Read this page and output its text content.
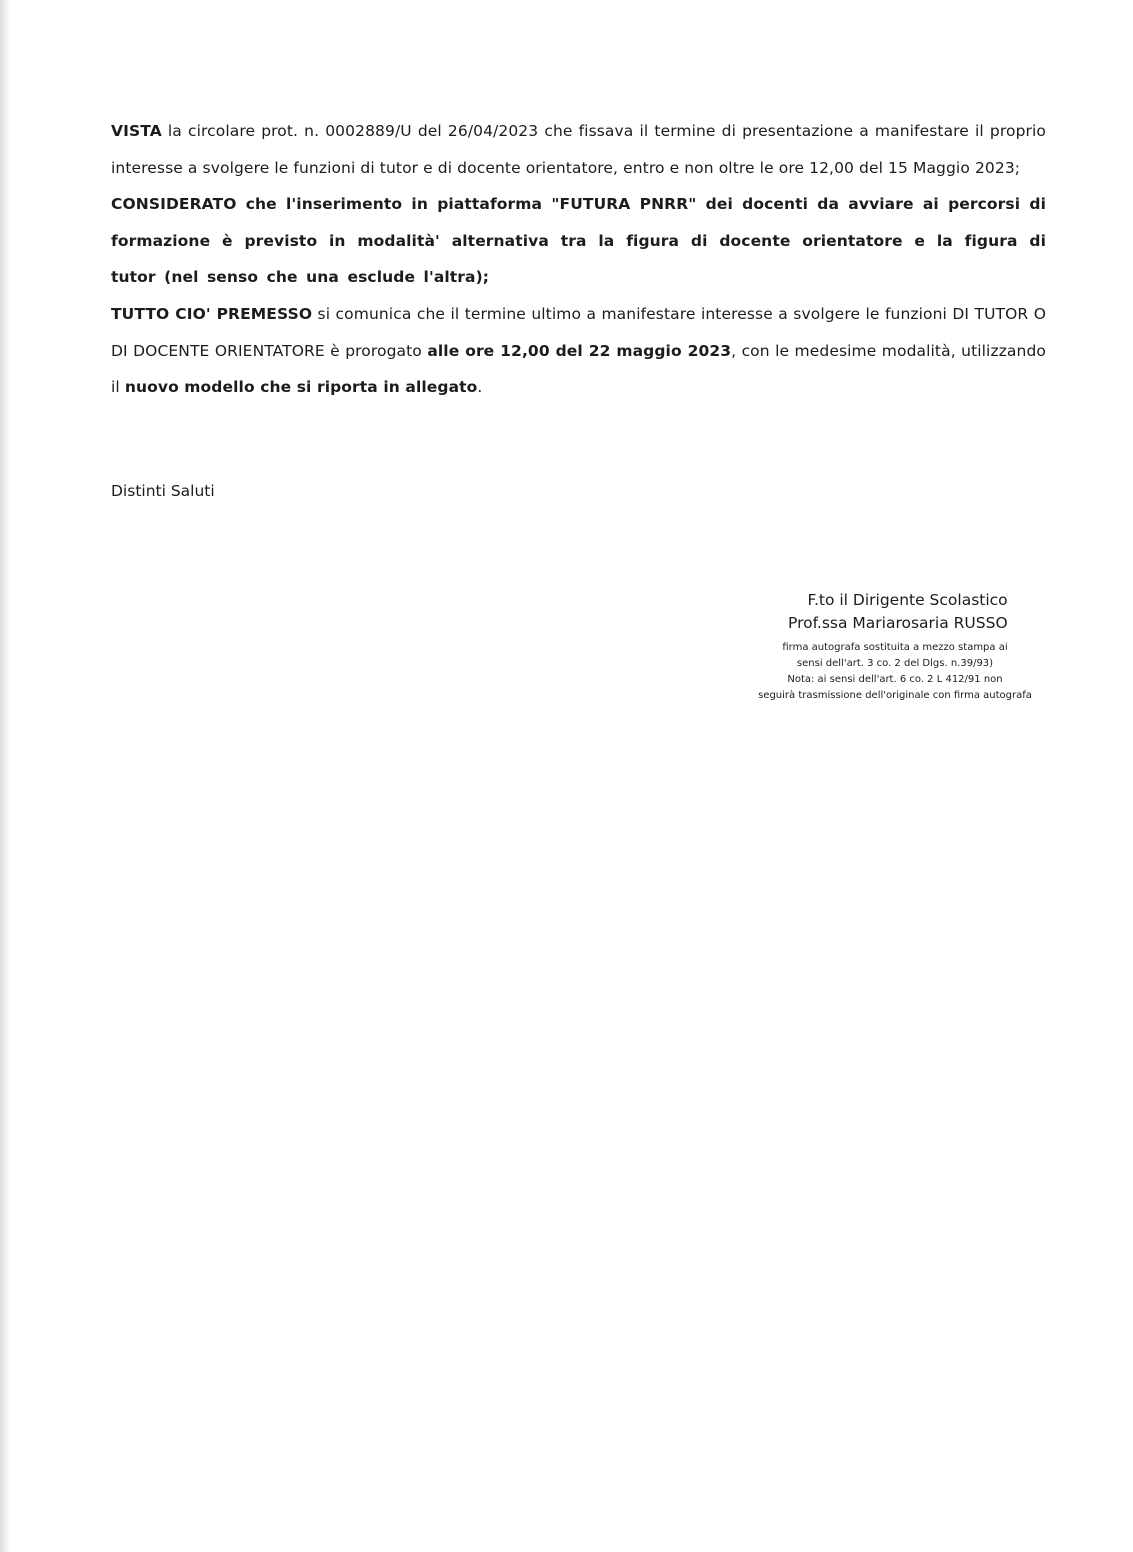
VISTA la circolare prot. n. 0002889/U del 26/04/2023 che fissava il termine di presentazione a manifestare il proprio interesse a svolgere le funzioni di tutor e di docente orientatore, entro e non oltre le ore 12,00 del 15 Maggio 2023;

CONSIDERATO che l'inserimento in piattaforma "FUTURA PNRR" dei docenti da avviare ai percorsi di formazione è previsto in modalità' alternativa tra la figura di docente orientatore e la figura di tutor (nel senso che una esclude l'altra);

TUTTO CIO' PREMESSO si comunica che il termine ultimo a manifestare interesse a svolgere le funzioni DI TUTOR O DI DOCENTE ORIENTATORE è prorogato alle ore 12,00 del 22 maggio 2023, con le medesime modalità, utilizzando il nuovo modello che si riporta in allegato.

Distinti Saluti
F.to il Dirigente Scolastico
Prof.ssa Mariarosaria RUSSO
firma autografa sostituita a mezzo stampa ai
sensi dell'art. 3 co. 2 del Dlgs. n.39/93)
Nota: ai sensi dell'art. 6 co. 2 L 412/91 non
seguirà trasmissione dell'originale con firma autografa
